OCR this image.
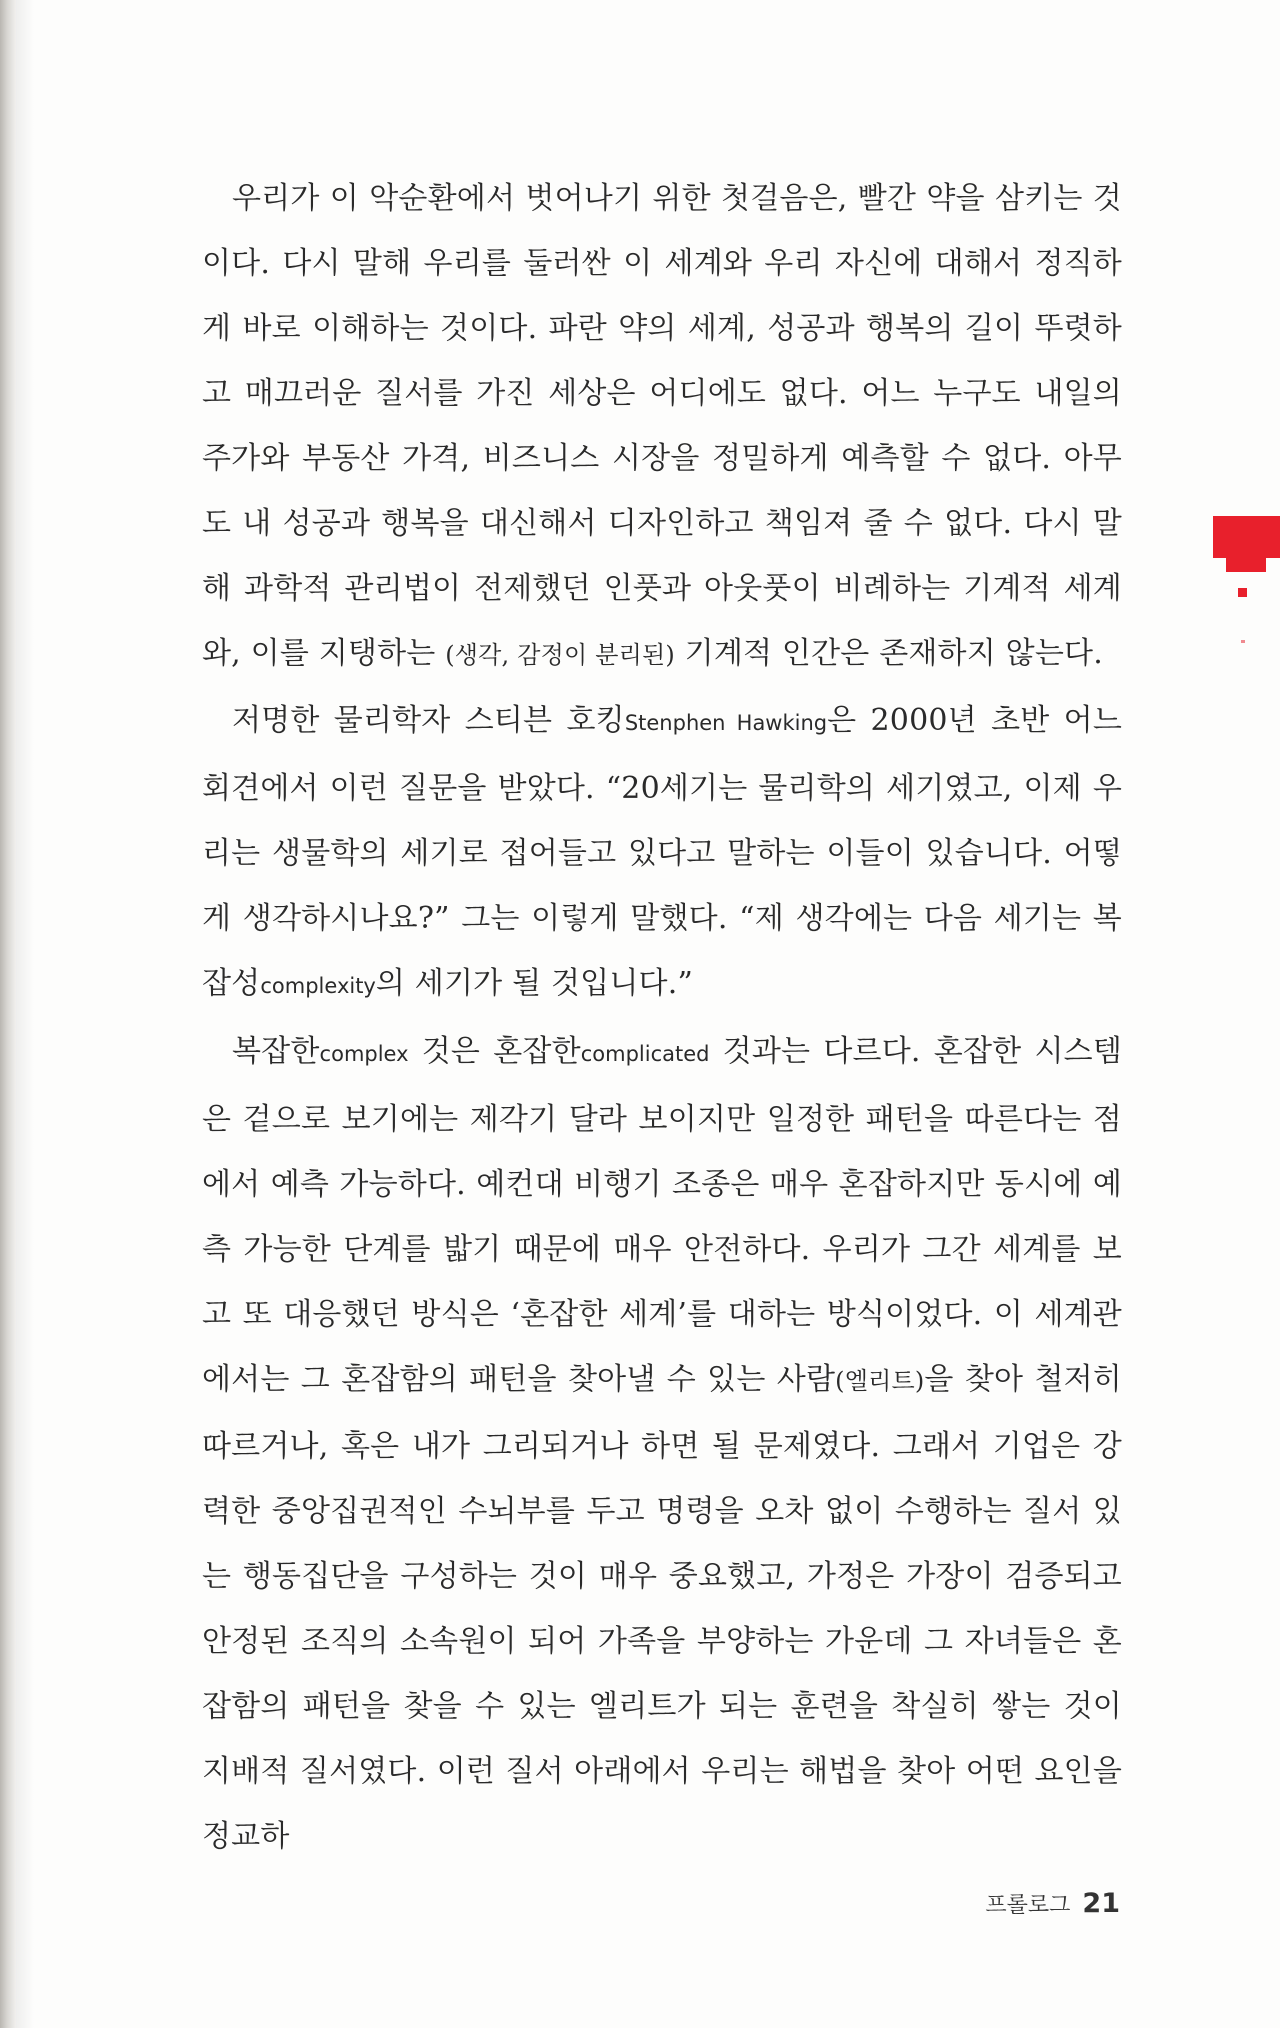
우리가 이 악순환에서 벗어나기 위한 첫걸음은, 빨간 약을 삼키는 것이다. 다시 말해 우리를 둘러싼 이 세계와 우리 자신에 대해서 정직하게 바로 이해하는 것이다. 파란 약의 세계, 성공과 행복의 길이 뚜렷하고 매끄러운 질서를 가진 세상은 어디에도 없다. 어느 누구도 내일의 주가와 부동산 가격, 비즈니스 시장을 정밀하게 예측할 수 없다. 아무도 내 성공과 행복을 대신해서 디자인하고 책임져 줄 수 없다. 다시 말해 과학적 관리법이 전제했던 인풋과 아웃풋이 비례하는 기계적 세계와, 이를 지탱하는 (생각, 감정이 분리된) 기계적 인간은 존재하지 않는다.

저명한 물리학자 스티븐 호킹Stenphen Hawking은 2000년 초반 어느 회견에서 이런 질문을 받았다. “20세기는 물리학의 세기였고, 이제 우리는 생물학의 세기로 접어들고 있다고 말하는 이들이 있습니다. 어떻게 생각하시나요?” 그는 이렇게 말했다. “제 생각에는 다음 세기는 복잡성complexity의 세기가 될 것입니다.”

복잡한complex 것은 혼잡한complicated 것과는 다르다. 혼잡한 시스템은 겉으로 보기에는 제각기 달라 보이지만 일정한 패턴을 따른다는 점에서 예측 가능하다. 예컨대 비행기 조종은 매우 혼잡하지만 동시에 예측 가능한 단계를 밟기 때문에 매우 안전하다. 우리가 그간 세계를 보고 또 대응했던 방식은 ‘혼잡한 세계’를 대하는 방식이었다. 이 세계관에서는 그 혼잡함의 패턴을 찾아낼 수 있는 사람(엘리트)을 찾아 철저히 따르거나, 혹은 내가 그리되거나 하면 될 문제였다. 그래서 기업은 강력한 중앙집권적인 수뇌부를 두고 명령을 오차 없이 수행하는 질서 있는 행동집단을 구성하는 것이 매우 중요했고, 가정은 가장이 검증되고 안정된 조직의 소속원이 되어 가족을 부양하는 가운데 그 자녀들은 혼잡함의 패턴을 찾을 수 있는 엘리트가 되는 훈련을 착실히 쌓는 것이 지배적 질서였다. 이런 질서 아래에서 우리는 해법을 찾아 어떤 요인을 정교하

프롤로그 21
